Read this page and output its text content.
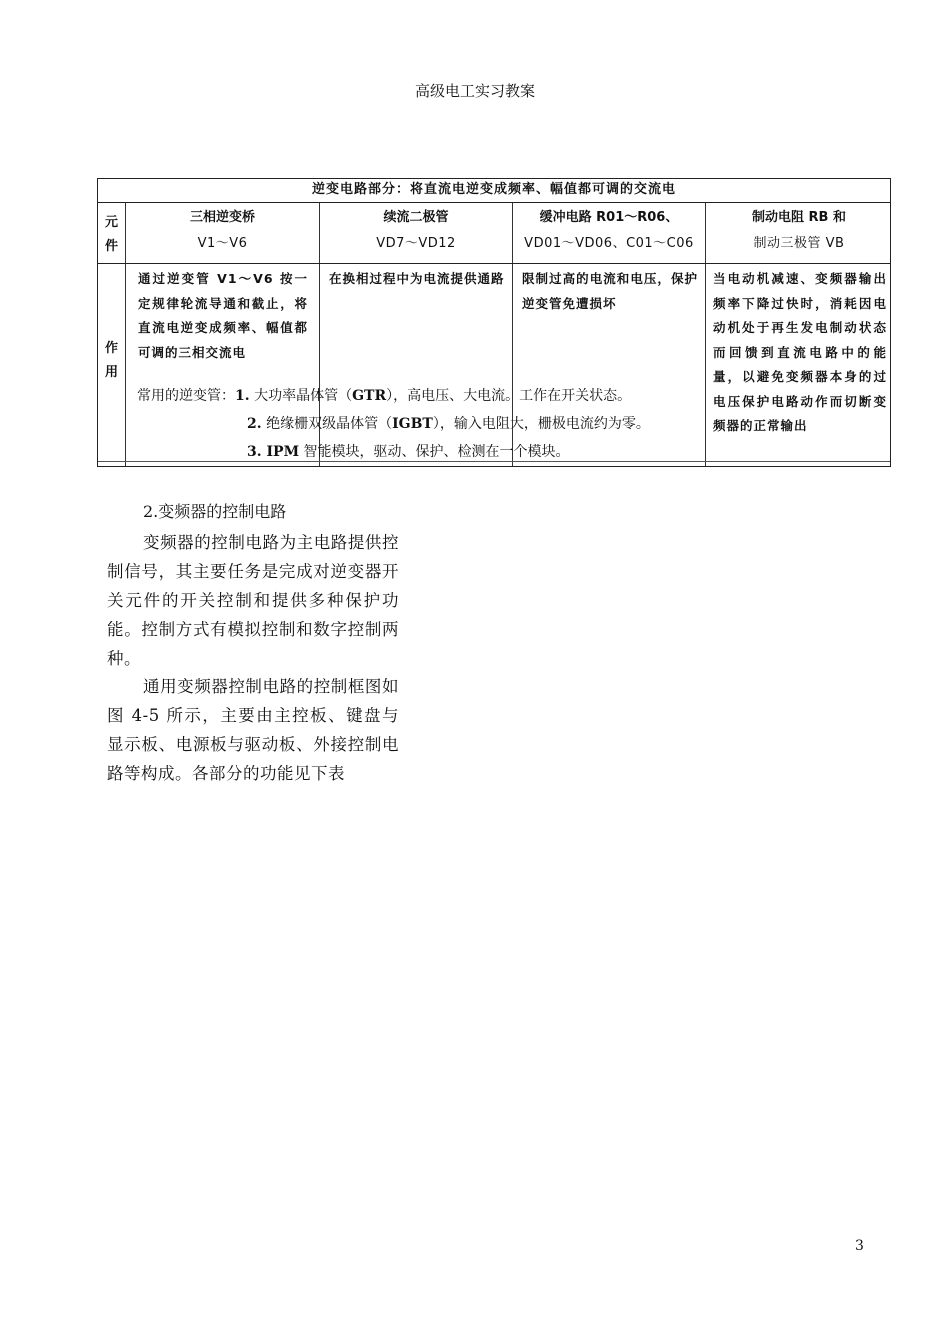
高级电工实习教案
逆变电路部分：将直流电逆变成频率、幅值都可调的交流电
元
件
作
用
三相逆变桥
V1～V6
续流二极管
VD7～VD12
缓冲电路 R01～R06、
VD01～VD06、C01～C06
制动电阻 RB 和
制动三极管 VB
通过逆变管 V1～V6 按一定规律轮流导通和截止，将直流电逆变成频率、幅值都可调的三相交流电
在换相过程中为电流提供通路 限制过高的电流和电压，保护逆变管免遭损坏
当电动机减速、变频器输出频率下降过快时，消耗因电动机处于再生发电制动状态而回馈到直流电路中的能量，以避免变频器本身的过电压保护电路动作而切断变频器的正常输出
常用的逆变管：1. 大功率晶体管（GTR），高电压、大电流。工作在开关状态。
2. 绝缘栅双级晶体管（IGBT），输入电阻大，栅极电流约为零。
3. IPM 智能模块，驱动、保护、检测在一个模块。
2.变频器的控制电路
变频器的控制电路为主电路提供控制信号，其主要任务是完成对逆变器开关元件的开关控制和提供多种保护功能。控制方式有模拟控制和数字控制两种。
通用变频器控制电路的控制框图如图 4-5 所示，主要由主控板、键盘与显示板、电源板与驱动板、外接控制电路等构成。各部分的功能见下表
3
